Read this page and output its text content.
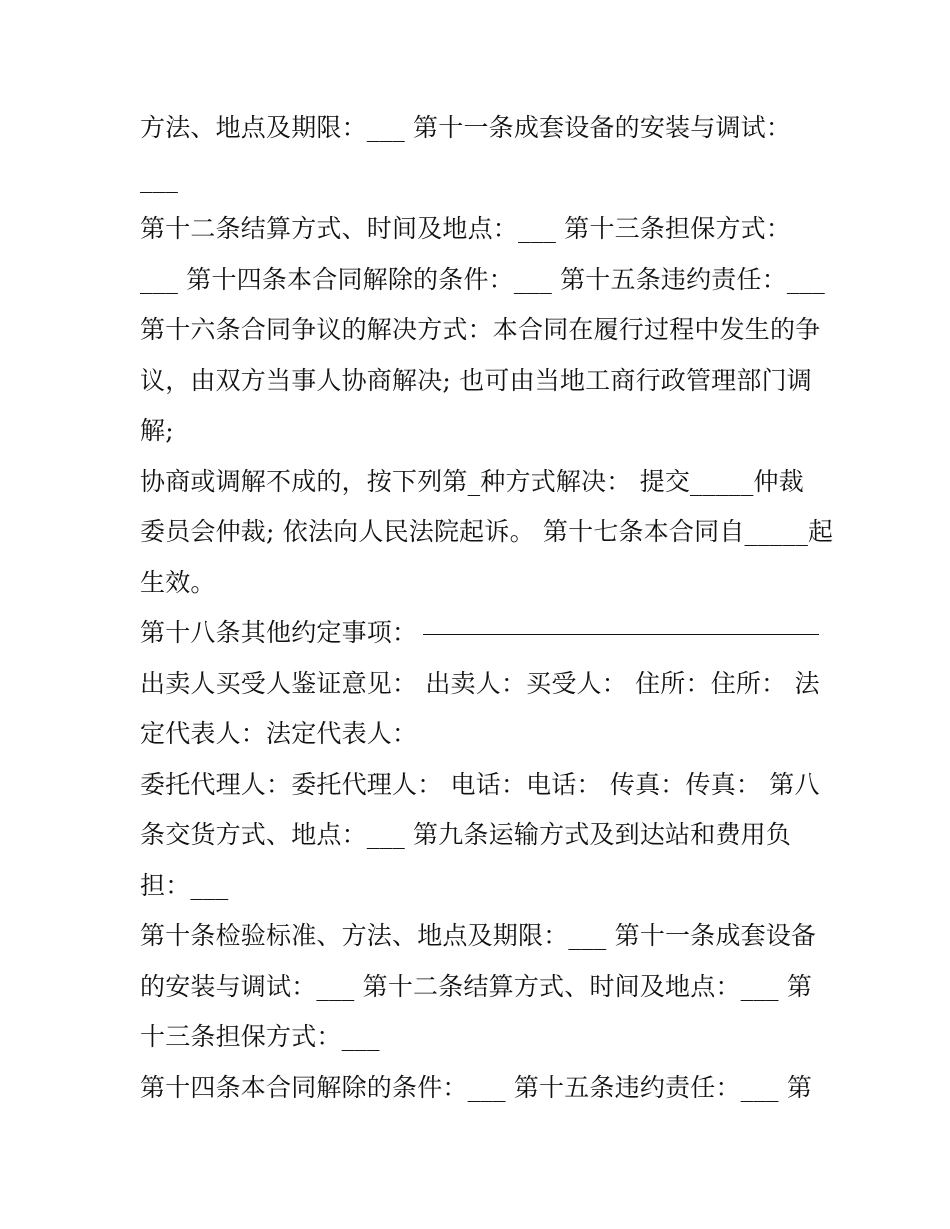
方法、地点及期限：___ 第十一条成套设备的安装与调试：
___
第十二条结算方式、时间及地点：___ 第十三条担保方式：
___ 第十四条本合同解除的条件：___ 第十五条违约责任：___
第十六条合同争议的解决方式：本合同在履行过程中发生的争
议，由双方当事人协商解决; 也可由当地工商行政管理部门调
解;
协商或调解不成的，按下列第_种方式解决： 提交_____仲裁
委员会仲裁; 依法向人民法院起诉。 第十七条本合同自_____起
生效。
第十八条其他约定事项：
出卖人买受人鉴证意见： 出卖人：买受人： 住所：住所： 法
定代表人：法定代表人：
委托代理人：委托代理人： 电话：电话： 传真：传真： 第八
条交货方式、地点：___ 第九条运输方式及到达站和费用负
担：___
第十条检验标准、方法、地点及期限：___ 第十一条成套设备
的安装与调试：___ 第十二条结算方式、时间及地点：___ 第
十三条担保方式：___
第十四条本合同解除的条件：___ 第十五条违约责任：___ 第
